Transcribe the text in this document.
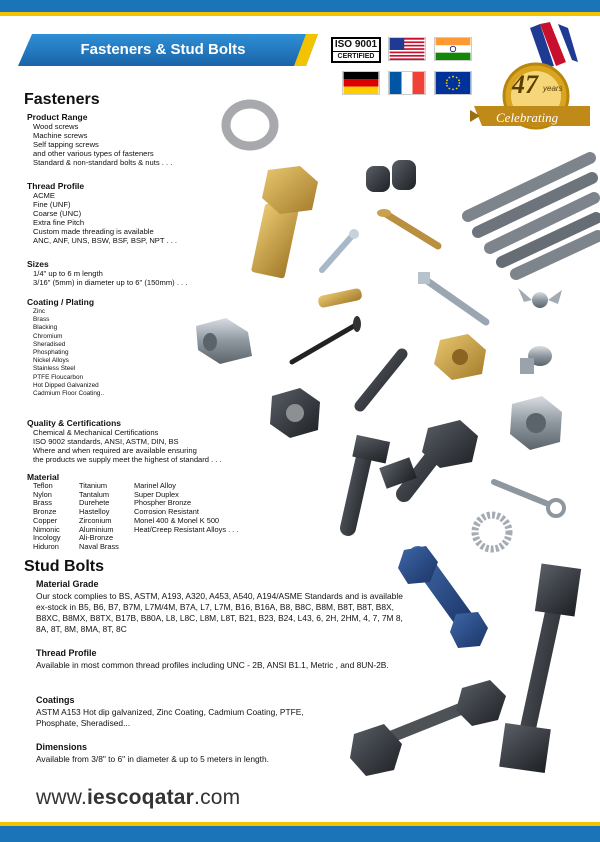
Fasteners & Stud Bolts	ISO 9001
CERTIFIED
47 years
Celebrating
Fasteners
Product Range
Wood screws
Machine screws
Self tapping screws
and other various types of fasteners
Standard & non-standard bolts & nuts . . .
Thread Profile
ACME
Fine (UNF)
Coarse (UNC)
Extra fine Pitch
Custom made threading is available
ANC, ANF, UNS, BSW, BSF, BSP, NPT . . .
Sizes
1/4" up to 6 m length
3/16" (5mm) in diameter up to 6" (150mm) . . .
Coating / Plating
Zinc
Brass
Blacking
Chromium
Sheradised
Phosphating
Nickel Alloys
Stainless Steel
PTFE Floucarbon
Hot Dipped Galvanized
Cadmium Floor Coating..
Quality & Certifications
Chemical & Mechanical Certifications
ISO 9002 standards, ANSI, ASTM, DIN, BS
Where and when required are available ensuring
the products we supply meet the highest of standard . . .
Material
Teflon
Nylon
Brass
Bronze
Copper
Nimonic
Incology
Hiduron
Titanium
Tantalum
Durehete
Hastelloy
Zirconium
Aluminium
Ali-Bronze
Naval Brass
Marinel Alloy
Super Duplex
Phospher Bronze
Corrosion Resistant
Monel 400 & Monel K 500
Heat/Creep Resistant Alloys . . .
Stud Bolts
Material Grade
Our stock complies to BS, ASTM, A193, A320, A453, A540, A194/ASME Standards and is available ex-stock in B5, B6, B7, B7M, L7M/4M, B7A, L7, L7M, B16, B16A, B8, B8C, B8M, B8T, B8T, B8X, B8XC, B8MX, B8TX, B17B, B80A, L8, L8C, L8M, L8T, B21, B23, B24, L43, 6, 2H, 2HM, 4, 7, 7M 8, 8A, 8T, 8M, 8MA, 8T, 8C
Thread Profile
Available in most common thread profiles including UNC - 2B, ANSI B1.1, Metric , and 8UN-2B.
Coatings
ASTM A153 Hot dip galvanized, Zinc Coating, Cadmium Coating, PTFE, Phosphate, Sheradised...
Dimensions
Available from 3/8" to 6" in diameter & up to 5 meters in length.
www.iescoqatar.com
